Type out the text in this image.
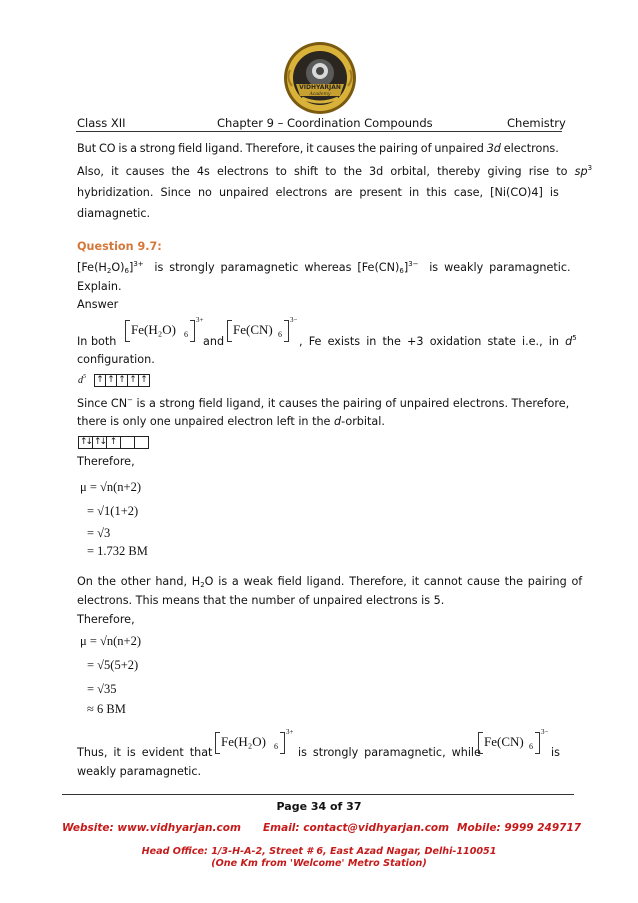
VIDHYARJAN
Academy
Class XII	Chapter 9 – Coordination Compounds	Chemistry
But CO is a strong field ligand. Therefore, it causes the pairing of unpaired 3d electrons.
Also,  it  causes  the  4s  electrons  to  shift  to  the  3d  orbital,  thereby  giving  rise  to $sp^3$
hybridization. Since no unpaired electrons are present in this case, [Ni(CO)4] is
diamagnetic.
Question 9.7:
$[Fe(H_2O)_6]^{3+}$ is strongly paramagnetic whereas $[Fe(CN)_6]^{3-}$ is weakly paramagnetic.
Explain.
Answer
In both
Fe(H₂O) 6
3+
and
Fe(CN) 6
3−
, Fe exists in the +3 oxidation state i.e., in $d^5$
configuration.
$d^5$ ↑ ↑ ↑ ↑ ↑
Since CN− is a strong field ligand, it causes the pairing of unpaired electrons. Therefore,
there is only one unpaired electron left in the d-orbital.
↑↓ ↑↓ ↑
Therefore,
μ = √n(n+2)
= √1(1+2)
= √3
= 1.732 BM
On the other hand, $H_2O$ is a weak field ligand. Therefore, it cannot cause the pairing of
electrons. This means that the number of unpaired electrons is 5.
Therefore,
μ = √n(n+2)
= √5(5+2)
= √35
≈ 6 BM
Thus, it is evident that
Fe(H₂O) 6
3+
is strongly paramagnetic, while
Fe(CN) 6
3−
is
weakly paramagnetic.
Page 34 of 37
Website: www.vidhyarjan.com Email: contact@vidhyarjan.com Mobile: 9999 249717
Head Office: 1/3-H-A-2, Street # 6, East Azad Nagar, Delhi-110051
(One Km from 'Welcome' Metro Station)
